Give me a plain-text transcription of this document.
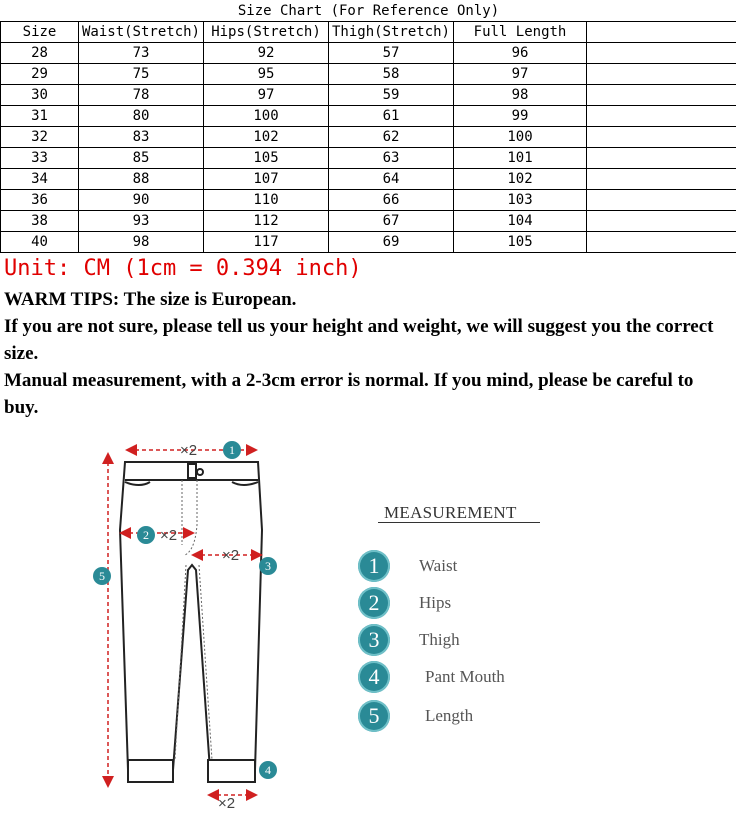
Size Chart (For Reference Only)					
Size	Waist(Stretch)	Hips(Stretch)	Thigh(Stretch)	Full Length	
28	73	92	57	96	
29	75	95	58	97	
30	78	97	59	98	
31	80	100	61	99	
32	83	102	62	100	
33	85	105	63	101	
34	88	107	64	102	
36	90	110	66	103	
38	93	112	67	104	
40	98	117	69	105	
Unit: CM (1cm = 0.394 inch)

WARM TIPS: The size is European.

If you are not sure, please tell us your height and weight, we will suggest you the correct size.

Manual measurement, with a 2-3cm error is normal. If you mind, please be careful to buy.

×2
×2
×2
×2
1
2
3
4
5
MEASUREMENT
1	Waist
2	Hips
3	Thigh
4	Pant Mouth
5	Length
